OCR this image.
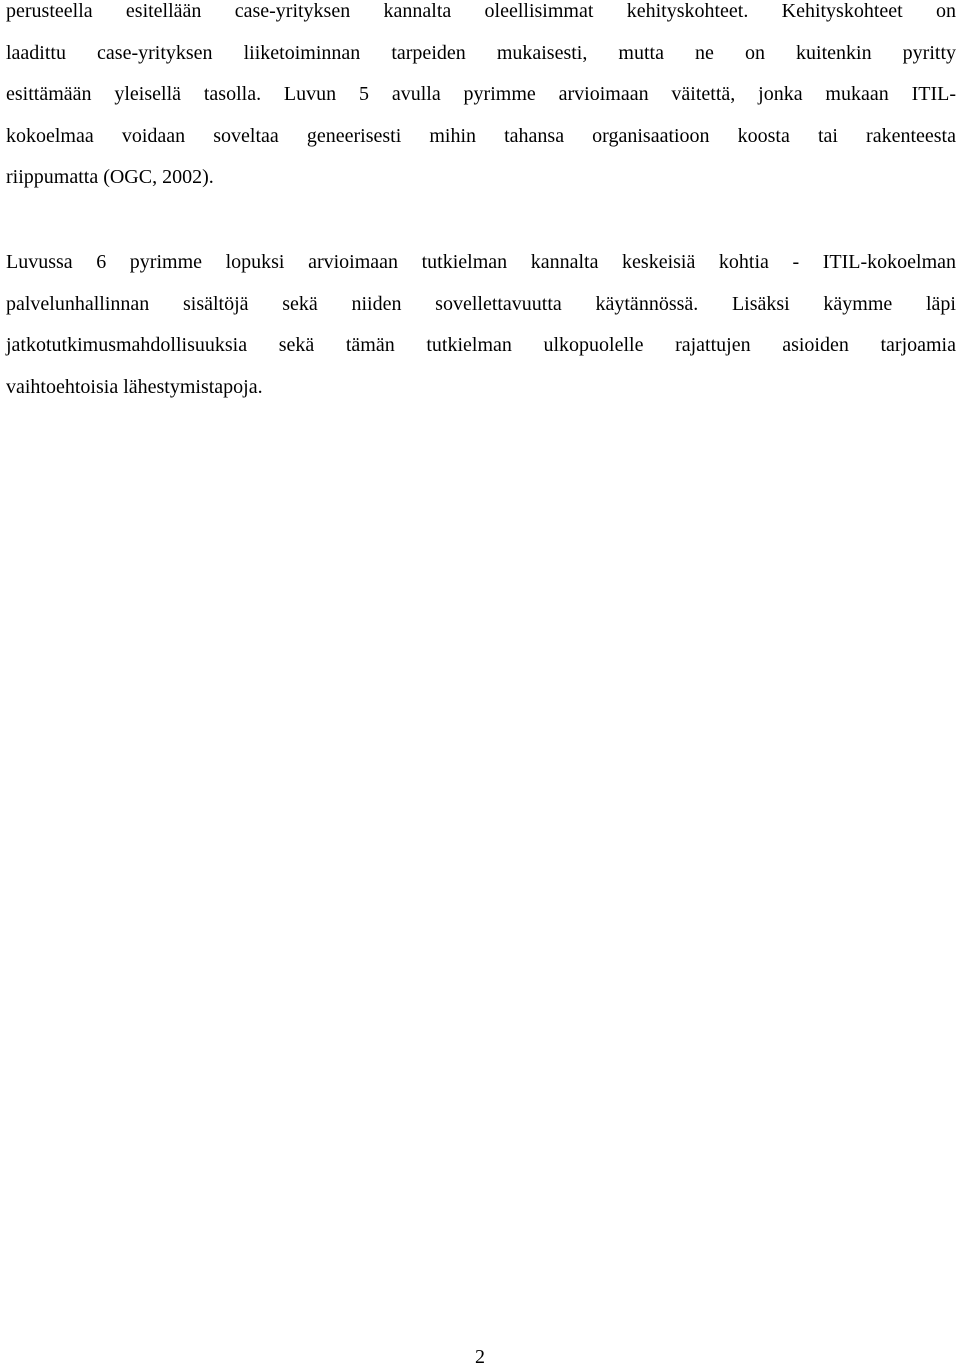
perusteella esitellään case-yrityksen kannalta oleellisimmat kehityskohteet. Kehityskohteet on
laadittu case-yrityksen liiketoiminnan tarpeiden mukaisesti, mutta ne on kuitenkin pyritty
esittämään yleisellä tasolla. Luvun 5 avulla pyrimme arvioimaan väitettä, jonka mukaan ITIL-
kokoelmaa voidaan soveltaa geneerisesti mihin tahansa organisaatioon koosta tai rakenteesta
riippumatta (OGC, 2002).
Luvussa 6 pyrimme lopuksi arvioimaan tutkielman kannalta keskeisiä kohtia - ITIL-kokoelman
palvelunhallinnan sisältöjä sekä niiden sovellettavuutta käytännössä. Lisäksi käymme läpi
jatkotutkimusmahdollisuuksia sekä tämän tutkielman ulkopuolelle rajattujen asioiden tarjoamia
vaihtoehtoisia lähestymistapoja.
2
